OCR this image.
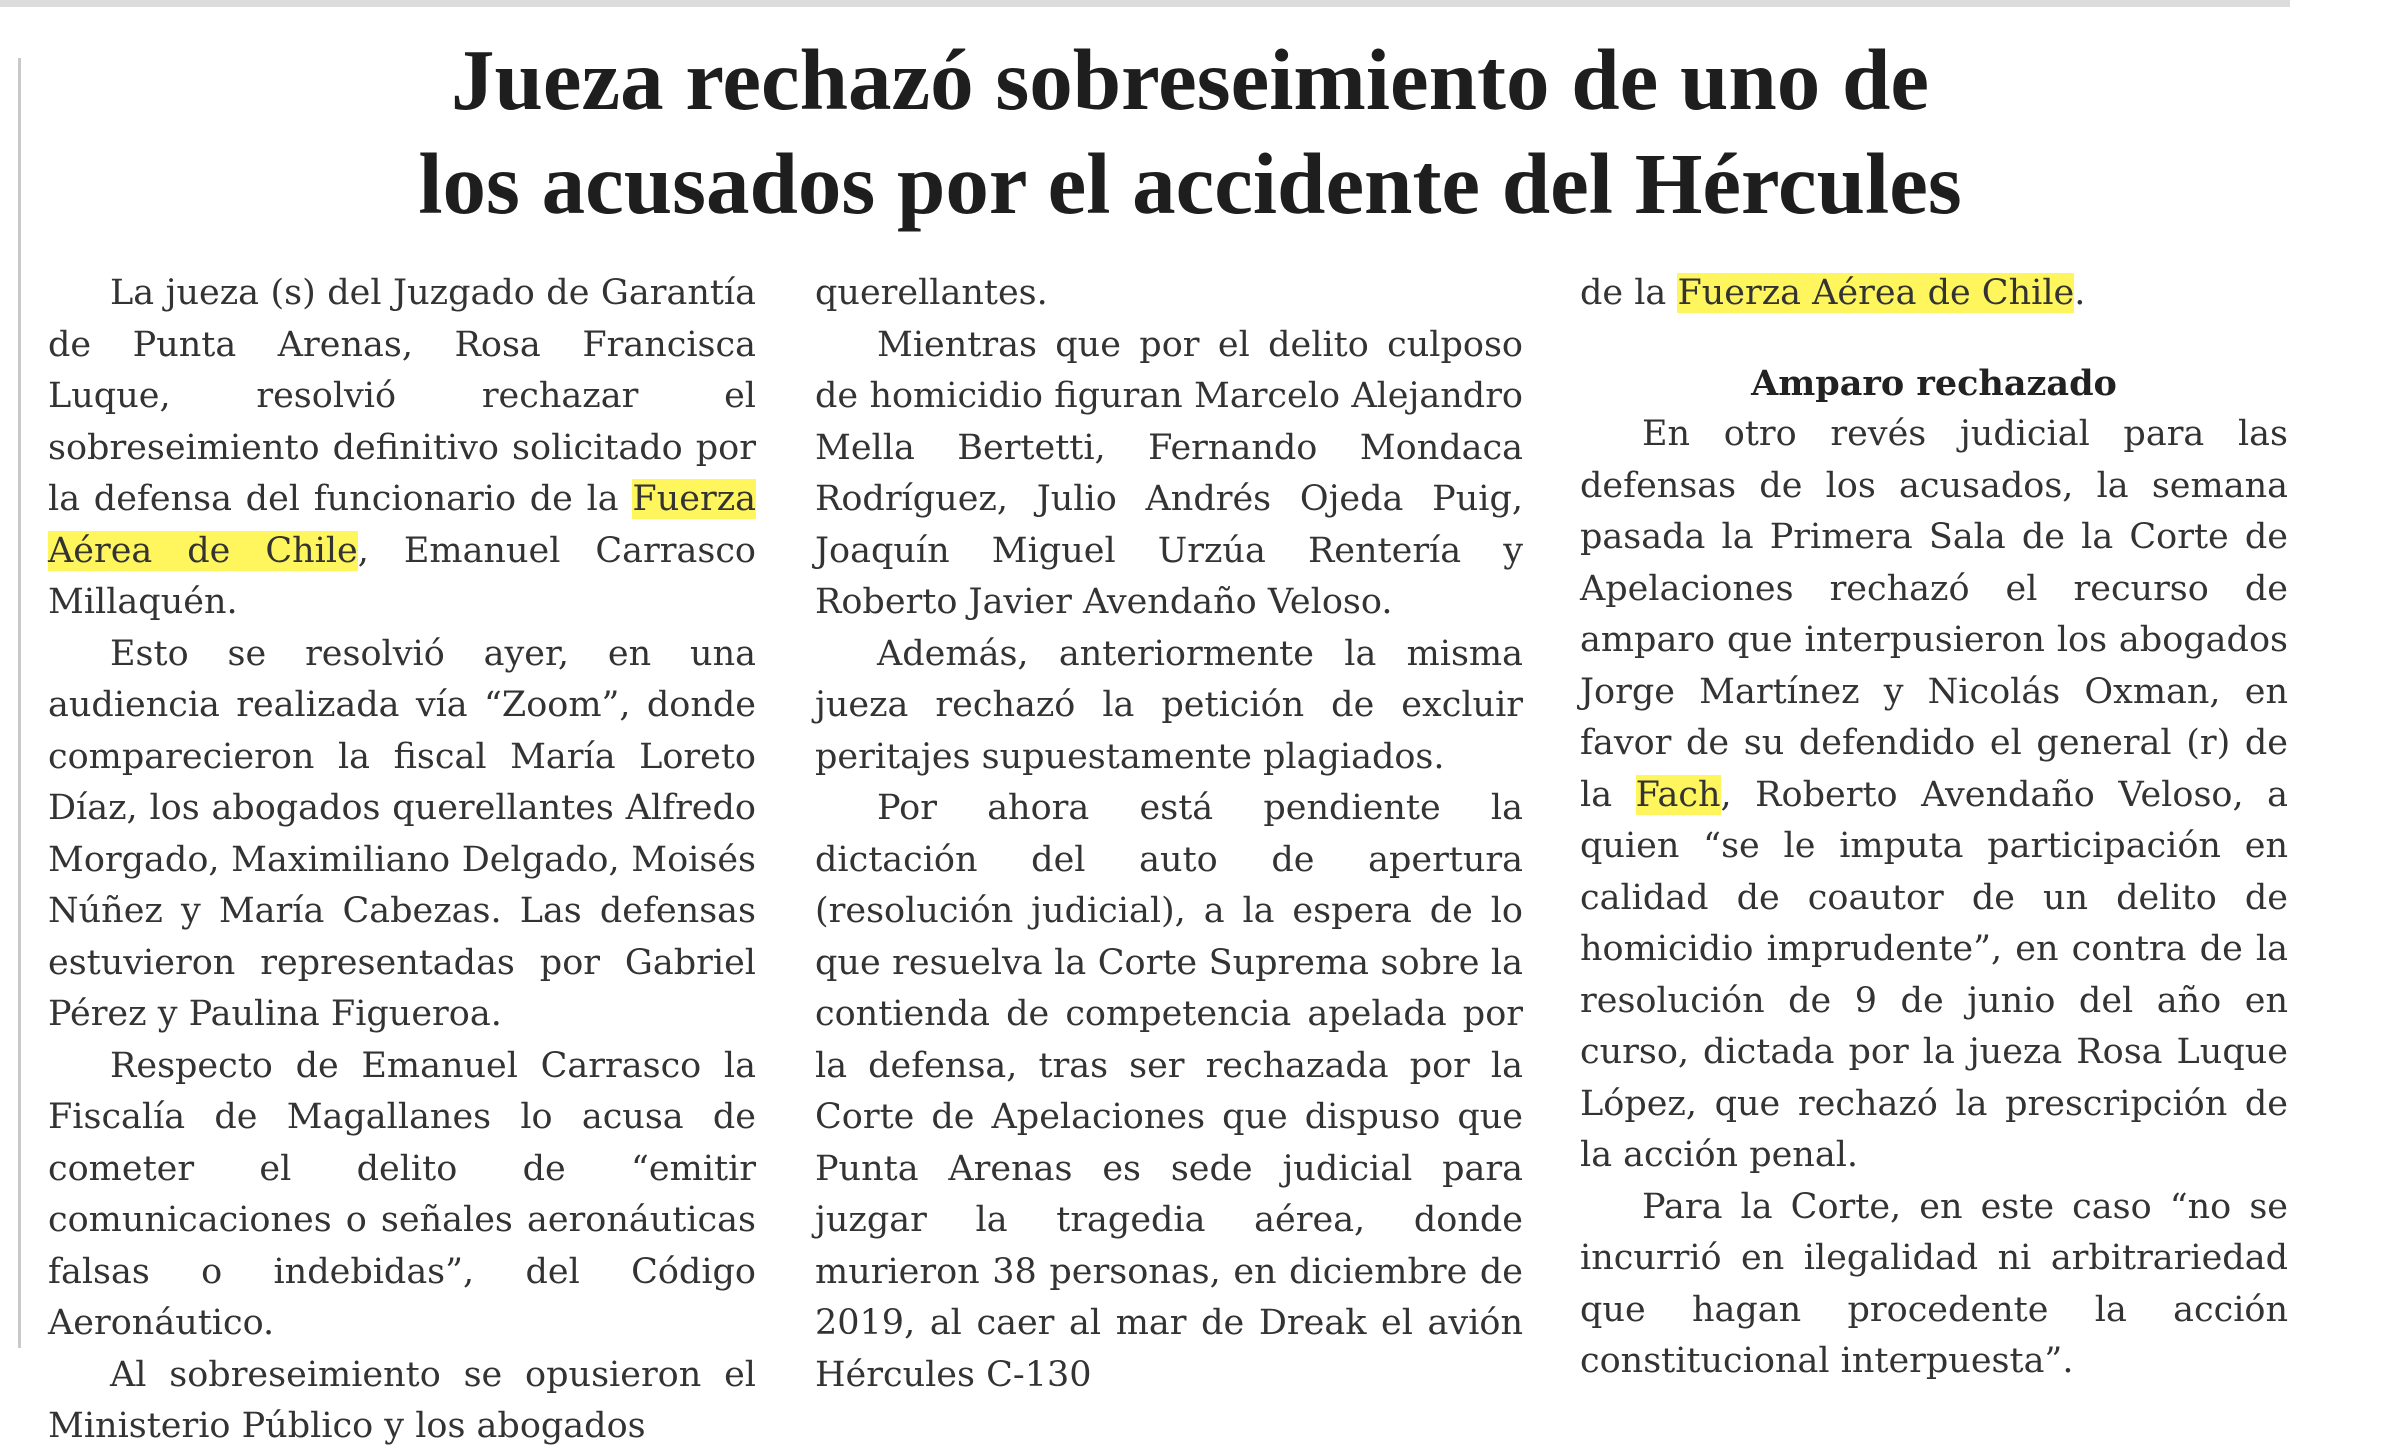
Jueza rechazó sobreseimiento de uno de
los acusados por el accidente del Hércules

La jueza (s) del Juzgado de Garantía de Punta Arenas, Rosa Francisca Luque, resolvió rechazar el sobreseimiento definitivo solicitado por la defensa del funcionario de la Fuerza Aérea de Chile, Emanuel Carrasco Millaquén.

Esto se resolvió ayer, en una audiencia realizada vía “Zoom”, donde comparecieron la fiscal María Loreto Díaz, los abogados querellantes Alfredo Morgado, Maximiliano Delgado, Moisés Núñez y María Cabezas. Las defensas estuvieron representadas por Gabriel Pérez y Paulina Figueroa.

Respecto de Emanuel Carrasco la Fiscalía de Magallanes lo acusa de cometer el delito de “emitir comunicaciones o señales aeronáuticas falsas o indebidas”, del Código Aeronáutico.

Al sobreseimiento se opusieron el Ministerio Público y los abogados

querellantes.

Mientras que por el delito culposo de homicidio figuran Marcelo Alejandro Mella Bertetti, Fernando Mondaca Rodríguez, Julio Andrés Ojeda Puig, Joaquín Miguel Urzúa Rentería y Roberto Javier Avendaño Veloso.

Además, anteriormente la misma jueza rechazó la petición de excluir peritajes supuestamente plagiados.

Por ahora está pendiente la dictación del auto de apertura (resolución judicial), a la espera de lo que resuelva la Corte Suprema sobre la contienda de competencia apelada por la defensa, tras ser rechazada por la Corte de Apelaciones que dispuso que Punta Arenas es sede judicial para juzgar la tragedia aérea, donde murieron 38 personas, en diciembre de 2019, al caer al mar de Dreak el avión Hércules C-130

de la Fuerza Aérea de Chile.

Amparo rechazado

En otro revés judicial para las defensas de los acusados, la semana pasada la Primera Sala de la Corte de Apelaciones rechazó el recurso de amparo que interpusieron los abogados Jorge Martínez y Nicolás Oxman, en favor de su defendido el general (r) de la Fach, Roberto Avendaño Veloso, a quien “se le imputa participación en calidad de coautor de un delito de homicidio imprudente”, en contra de la resolución de 9 de junio del año en curso, dictada por la jueza Rosa Luque López, que rechazó la prescripción de la acción penal.

Para la Corte, en este caso “no se incurrió en ilegalidad ni arbitrariedad que hagan procedente la acción constitucional interpuesta”.
